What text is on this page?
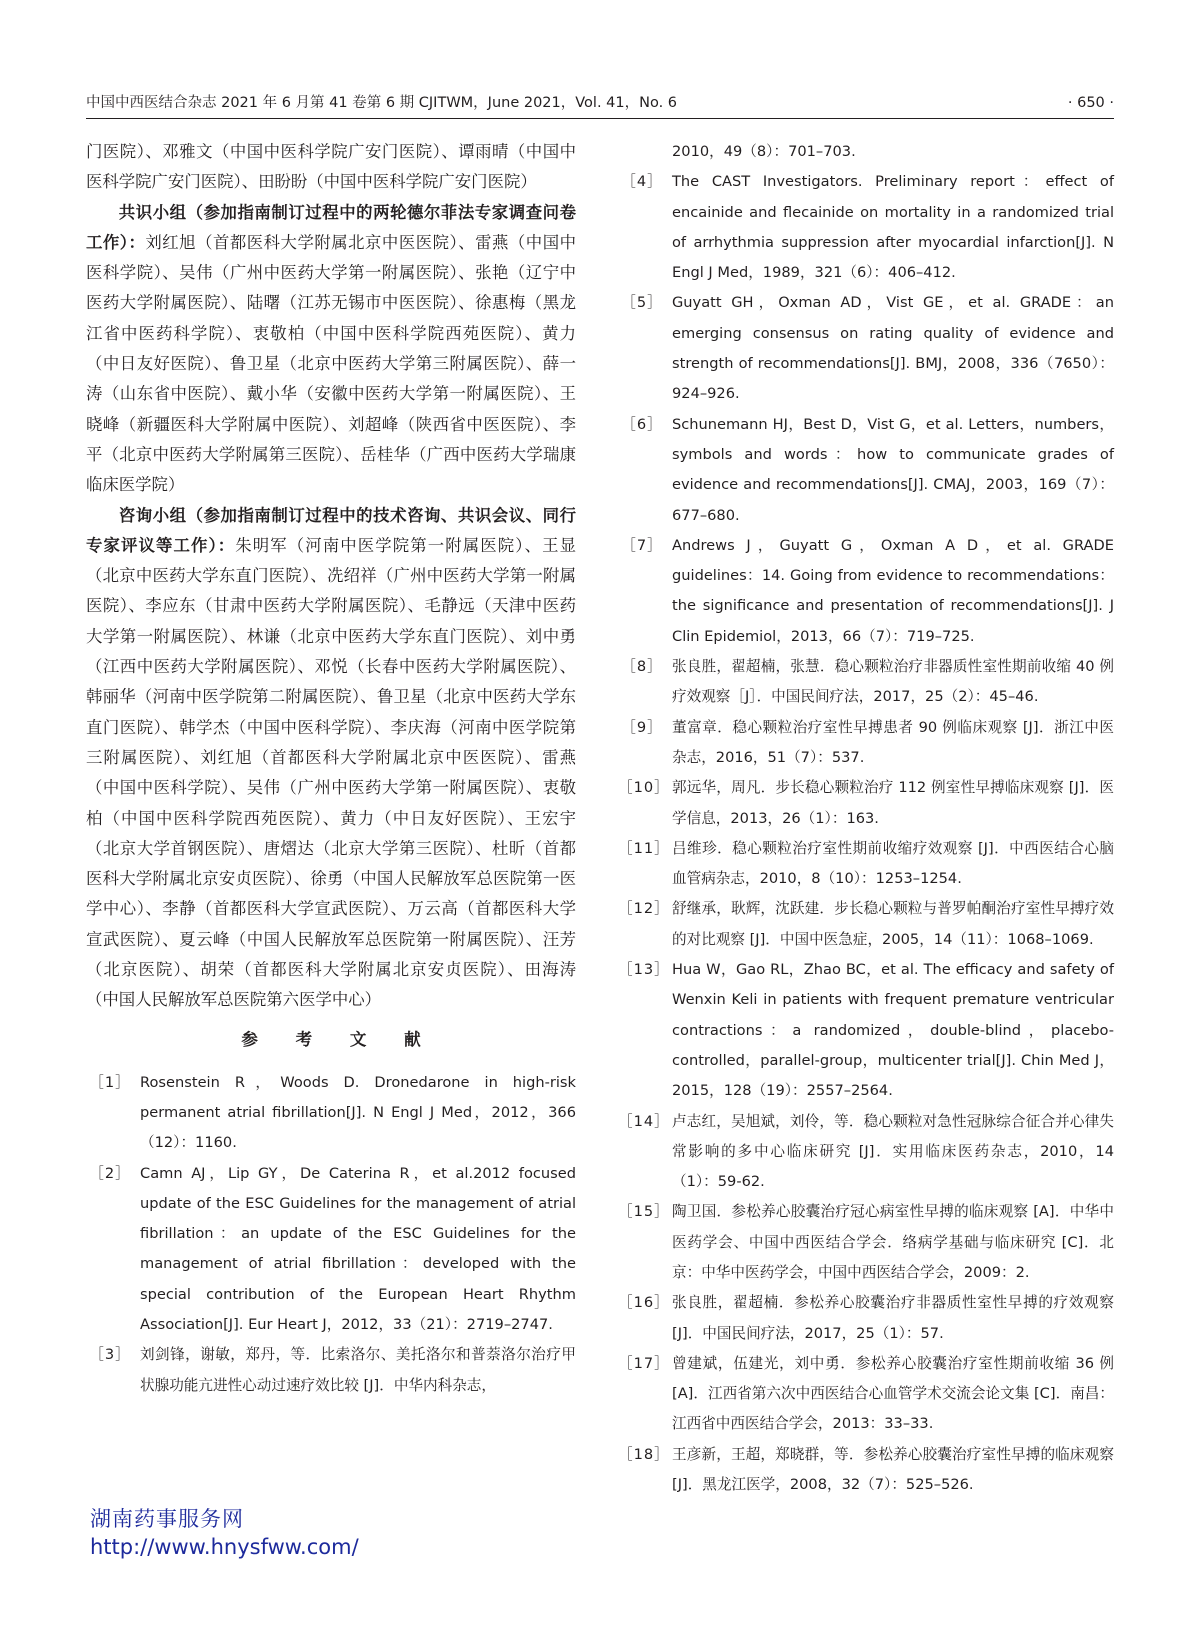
中国中西医结合杂志 2021 年 6 月第 41 卷第 6 期 CJITWM，June 2021，Vol. 41，No. 6	· 650 ·

门医院）、邓雅文（中国中医科学院广安门医院）、谭雨晴（中国中医科学院广安门医院）、田盼盼（中国中医科学院广安门医院）

共识小组（参加指南制订过程中的两轮德尔菲法专家调查问卷工作）：刘红旭（首都医科大学附属北京中医医院）、雷燕（中国中医科学院）、吴伟（广州中医药大学第一附属医院）、张艳（辽宁中医药大学附属医院）、陆曙（江苏无锡市中医医院）、徐惠梅（黑龙江省中医药科学院）、衷敬柏（中国中医科学院西苑医院）、黄力（中日友好医院）、鲁卫星（北京中医药大学第三附属医院）、薛一涛（山东省中医院）、戴小华（安徽中医药大学第一附属医院）、王晓峰（新疆医科大学附属中医院）、刘超峰（陕西省中医医院）、李平（北京中医药大学附属第三医院）、岳桂华（广西中医药大学瑞康临床医学院）

咨询小组（参加指南制订过程中的技术咨询、共识会议、同行专家评议等工作）：朱明军（河南中医学院第一附属医院）、王显（北京中医药大学东直门医院）、冼绍祥（广州中医药大学第一附属医院）、李应东（甘肃中医药大学附属医院）、毛静远（天津中医药大学第一附属医院）、林谦（北京中医药大学东直门医院）、刘中勇（江西中医药大学附属医院）、邓悦（长春中医药大学附属医院）、韩丽华（河南中医学院第二附属医院）、鲁卫星（北京中医药大学东直门医院）、韩学杰（中国中医科学院）、李庆海（河南中医学院第三附属医院）、刘红旭（首都医科大学附属北京中医医院）、雷燕（中国中医科学院）、吴伟（广州中医药大学第一附属医院）、衷敬柏（中国中医科学院西苑医院）、黄力（中日友好医院）、王宏宇（北京大学首钢医院）、唐熠达（北京大学第三医院）、杜昕（首都医科大学附属北京安贞医院）、徐勇（中国人民解放军总医院第一医学中心）、李静（首都医科大学宣武医院）、万云高（首都医科大学宣武医院）、夏云峰（中国人民解放军总医院第一附属医院）、汪芳（北京医院）、胡荣（首都医科大学附属北京安贞医院）、田海涛（中国人民解放军总医院第六医学中心）

参 考 文 献
［1］ Rosenstein R，Woods D. Dronedarone in high-risk permanent atrial fibrillation[J]. N Engl J Med，2012，366（12）：1160.
［2］ Camn AJ，Lip GY，De Caterina R，et al.2012 focused update of the ESC Guidelines for the management of atrial fibrillation：an update of the ESC Guidelines for the management of atrial fibrillation：developed with the special contribution of the European Heart Rhythm Association[J]. Eur Heart J，2012，33（21）：2719–2747.
［3］ 刘剑锋，谢敏，郑丹，等．比索洛尔、美托洛尔和普萘洛尔治疗甲状腺功能亢进性心动过速疗效比较 [J]．中华内科杂志，
2010，49（8）：701–703.
［4］ The CAST Investigators. Preliminary report：effect of encainide and flecainide on mortality in a randomized trial of arrhythmia suppression after myocardial infarction[J]. N Engl J Med，1989，321（6）：406–412.
［5］ Guyatt GH，Oxman AD，Vist GE，et al. GRADE：an emerging consensus on rating quality of evidence and strength of recommendations[J]. BMJ，2008，336（7650）：924–926.
［6］ Schunemann HJ，Best D，Vist G，et al. Letters，numbers，symbols and words：how to communicate grades of evidence and recommendations[J]. CMAJ，2003，169（7）：677–680.
［7］ Andrews J，Guyatt G，Oxman A D，et al. GRADE guidelines：14. Going from evidence to recommendations：the significance and presentation of recommendations[J]. J Clin Epidemiol，2013，66（7）：719–725.
［8］ 张良胜，翟超楠，张慧．稳心颗粒治疗非器质性室性期前收缩 40 例疗效观察［J］．中国民间疗法，2017，25（2）：45–46.
［9］ 董富章．稳心颗粒治疗室性早搏患者 90 例临床观察 [J]．浙江中医杂志，2016，51（7）：537.
［10］ 郭远华，周凡．步长稳心颗粒治疗 112 例室性早搏临床观察 [J]．医学信息，2013，26（1）：163.
［11］ 吕维珍．稳心颗粒治疗室性期前收缩疗效观察 [J]．中西医结合心脑血管病杂志，2010，8（10）：1253–1254.
［12］ 舒继承，耿辉，沈跃建．步长稳心颗粒与普罗帕酮治疗室性早搏疗效的对比观察 [J]．中国中医急症，2005，14（11）：1068–1069.
［13］ Hua W，Gao RL，Zhao BC，et al. The efficacy and safety of Wenxin Keli in patients with frequent premature ventricular contractions：a randomized，double-blind，placebo-controlled，parallel-group，multicenter trial[J]. Chin Med J，2015，128（19）：2557–2564.
［14］ 卢志红，吴旭斌，刘伶，等．稳心颗粒对急性冠脉综合征合并心律失常影响的多中心临床研究 [J]．实用临床医药杂志，2010，14（1）：59-62.
［15］ 陶卫国．参松养心胶囊治疗冠心病室性早搏的临床观察 [A]．中华中医药学会、中国中西医结合学会．络病学基础与临床研究 [C]．北京：中华中医药学会，中国中西医结合学会，2009：2.
［16］ 张良胜，翟超楠．参松养心胶囊治疗非器质性室性早搏的疗效观察 [J]．中国民间疗法，2017，25（1）：57.
［17］ 曾建斌，伍建光，刘中勇．参松养心胶囊治疗室性期前收缩 36 例 [A]．江西省第六次中西医结合心血管学术交流会论文集 [C]．南昌：江西省中西医结合学会，2013：33–33.
［18］ 王彦新，王超，郑晓群，等．参松养心胶囊治疗室性早搏的临床观察 [J]．黑龙江医学，2008，32（7）：525–526.
湖南药事服务网
http://www.hnysfww.com/
